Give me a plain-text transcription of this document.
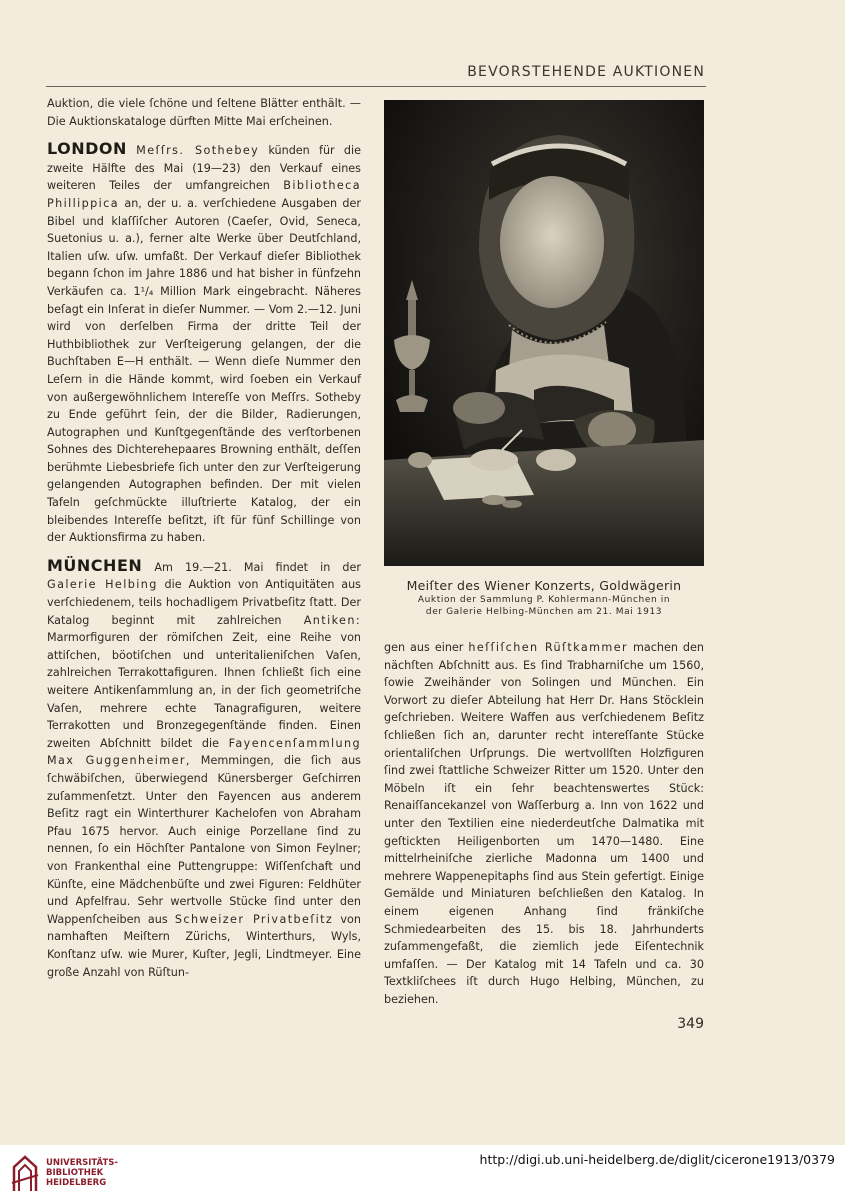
BEVORSTEHENDE AUKTIONEN

Auktion, die viele ſchöne und ſeltene Blätter enthält. — Die Auktionskataloge dürften Mitte Mai erſcheinen.

LONDON Meſſrs. Sothebey künden für die zweite Hälfte des Mai (19—23) den Verkauf eines weiteren Teiles der umfangreichen Bibliotheca Phillippica an, der u. a. verſchiedene Ausgaben der Bibel und klaſſiſcher Autoren (Caeſer, Ovid, Seneca, Suetonius u. a.), ferner alte Werke über Deutſchland, Italien uſw. uſw. umfaßt. Der Verkauf dieſer Bibliothek begann ſchon im Jahre 1886 und hat bisher in fünfzehn Verkäufen ca. 1¹/₄ Million Mark eingebracht. Näheres beſagt ein Inſerat in dieſer Nummer. — Vom 2.—12. Juni wird von derſelben Firma der dritte Teil der Huthbibliothek zur Verſteigerung gelangen, der die Buchſtaben E—H enthält. — Wenn dieſe Nummer den Leſern in die Hände kommt, wird ſoeben ein Verkauf von außergewöhnlichem Intereſſe von Meſſrs. Sotheby zu Ende geführt ſein, der die Bilder, Radierungen, Autographen und Kunſtgegenſtände des verſtorbenen Sohnes des Dichterehepaares Browning enthält, deſſen berühmte Liebesbriefe ſich unter den zur Verſteigerung gelangenden Autographen befinden. Der mit vielen Tafeln geſchmückte illuſtrierte Katalog, der ein bleibendes Intereſſe beſitzt, iſt für fünf Schillinge von der Auktionsfirma zu haben.

MÜNCHEN Am 19.—21. Mai findet in der Galerie Helbing die Auktion von Antiquitäten aus verſchiedenem, teils hochadligem Privatbeſitz ſtatt. Der Katalog beginnt mit zahlreichen Antiken: Marmorfiguren der römiſchen Zeit, eine Reihe von attiſchen, böotiſchen und unteritalieniſchen Vaſen, zahlreichen Terrakottafiguren. Ihnen ſchließt ſich eine weitere Antikenſammlung an, in der ſich geometriſche Vaſen, mehrere echte Tanagrafiguren, weitere Terrakotten und Bronzegegenſtände finden. Einen zweiten Abſchnitt bildet die Fayencenſammlung Max Guggenheimer, Memmingen, die ſich aus ſchwäbiſchen, überwiegend Künersberger Geſchirren zuſammenſetzt. Unter den Fayencen aus anderem Beſitz ragt ein Winterthurer Kachelofen von Abraham Pfau 1675 hervor. Auch einige Porzellane ſind zu nennen, ſo ein Höchſter Pantalone von Simon Feylner; von Frankenthal eine Puttengruppe: Wiſſenſchaft und Künſte, eine Mädchenbüſte und zwei Figuren: Feldhüter und Apfelfrau. Sehr wertvolle Stücke ſind unter den Wappenſcheiben aus Schweizer Privatbeſitz von namhaften Meiſtern Zürichs, Winterthurs, Wyls, Konſtanz uſw. wie Murer, Kuſter, Jegli, Lindtmeyer. Eine große Anzahl von Rüſtun-

Meiſter des Wiener Konzerts, Goldwägerin
Auktion der Sammlung P. Kohlermann-München in
der Galerie Helbing-München am 21. Mai 1913

gen aus einer heſſiſchen Rüſtkammer machen den nächſten Abſchnitt aus. Es ſind Trabharniſche um 1560, ſowie Zweihänder von Solingen und München. Ein Vorwort zu dieſer Abteilung hat Herr Dr. Hans Stöcklein geſchrieben. Weitere Waffen aus verſchiedenem Beſitz ſchließen ſich an, darunter recht intereſſante Stücke orientaliſchen Urſprungs. Die wertvollſten Holzfiguren ſind zwei ſtattliche Schweizer Ritter um 1520. Unter den Möbeln iſt ein ſehr beachtenswertes Stück: Renaiſſancekanzel von Waſſerburg a. Inn von 1622 und unter den Textilien eine niederdeutſche Dalmatika mit geſtickten Heiligenborten um 1470—1480. Eine mittelrheiniſche zierliche Madonna um 1400 und mehrere Wappenepitaphs ſind aus Stein gefertigt. Einige Gemälde und Miniaturen beſchließen den Katalog. In einem eigenen Anhang ſind fränkiſche Schmiedearbeiten des 15. bis 18. Jahrhunderts zuſammengefaßt, die ziemlich jede Eiſentechnik umfaſſen. — Der Katalog mit 14 Tafeln und ca. 30 Textkliſchees iſt durch Hugo Helbing, München, zu beziehen.

349
UNIVERSITÄTS-
BIBLIOTHEK
HEIDELBERG
http://digi.ub.uni-heidelberg.de/diglit/cicerone1913/0379
